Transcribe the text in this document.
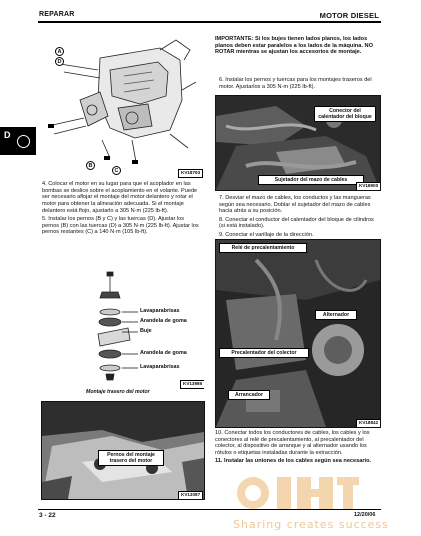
REPARAR	MOTOR DIESEL
D
A
D
B
C	KV18793

4. Colocar el motor en su lugar para que el acoplador en las bombas se deslice sobre el acoplamiento en el volante. Puede ser necesario aflojar el montaje del motor delantero y rotar el motor para obtener la alineación adecuada. Si el montaje delantero está flojo, ajustarlo a 305 N·m (225 lb-ft).

5. Instalar los pernos (B y C) y las tuercas (D). Ajustar los pernos (B) con las tuercas (D) a 305 N·m (225 lb-ft). Ajustar los pernos restantes (C) a 140 N·m (105 lb-ft).

Lavaparabrisas
Arandela de goma
Buje
Arandela de goma
Lavaparabrisas
KV13986
Montaje trasero del motor
Pernos del montaje trasero del motor
KV13087
IMPORTANTE: Si los bujes tienen lados planos, los lados planos deben estar paralelos a los lados de la máquina. NO ROTAR mientras se ajustan los accesorios de montaje.
6. Instalar los pernos y tuercas para los montajes traseros del motor. Ajustarlos a 305 N·m (225 lb-ft).
Conector del calentador del bloque
Sujetador del mazo de cables
KV18900

7. Desviar el mazo de cables, los conductos y las mangueras según sea necesario. Doblar el sujetador del mazo de cables hacia atrás a su posición.

8. Conectar el conductor del calentador del bloque de cilindros (si está instalado).

9. Conectar el varillaje de la dirección.

Relé de precalentamiento
Alternador
Precalentador del colector
Arrancador
KV18842

10. Conectar todos los conductores de cables, los cables y los conectores al relé de precalentamiento, al precalentador del colector, al dispositivo de arranque y al alternador usando los rótulos o etiquetas instaladas durante la extracción.

11. Instalar las uniones de los cables según sea necesario.

Sharing creates success
3 - 22	12/20/06
